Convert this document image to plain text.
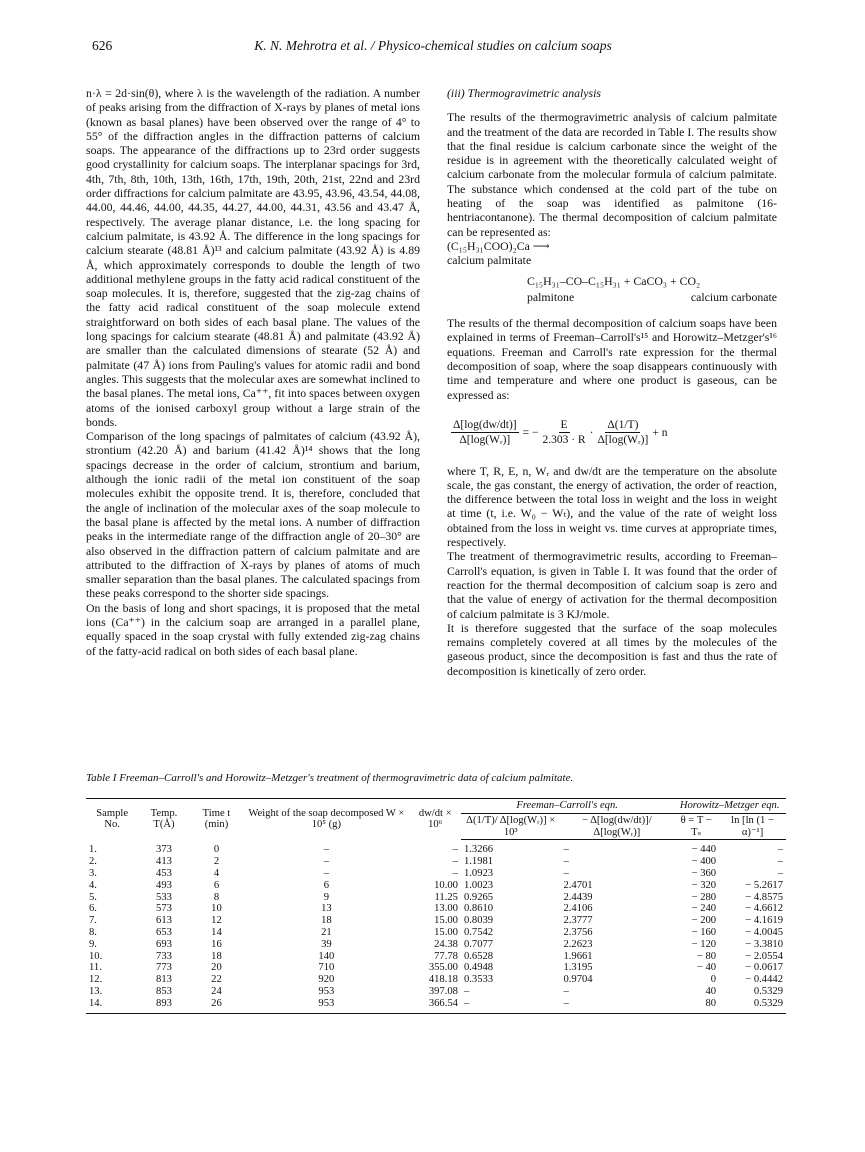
626	K. N. Mehrotra et al. / Physico-chemical studies on calcium soaps

n·λ = 2d·sin(θ), where λ is the wavelength of the radiation. A number of peaks arising from the diffraction of X-rays by planes of metal ions (known as basal planes) have been observed over the range of 4° to 55° of the diffraction angles in the diffraction patterns of calcium soaps. The appearance of the diffractions up to 23rd order suggests good crystallinity for calcium soaps. The interplanar spacings for 3rd, 4th, 7th, 8th, 10th, 13th, 16th, 17th, 19th, 20th, 21st, 22nd and 23rd order diffractions for calcium palmitate are 43.95, 43.96, 43.54, 44.08, 44.00, 44.46, 44.00, 44.35, 44.27, 44.00, 44.31, 43.56 and 43.47 Å, respectively. The average planar distance, i.e. the long spacing for calcium palmitate, is 43.92 Å. The difference in the long spacings for calcium stearate (48.81 Å)¹³ and calcium palmitate (43.92 Å) is 4.89 Å, which approximately corresponds to double the length of two additional methylene groups in the fatty acid radical constituent of the soap molecules. It is, therefore, suggested that the zig-zag chains of the fatty acid radical constituent of the soap molecule extend straightforward on both sides of each basal plane. The values of the long spacings for calcium stearate (48.81 Å) and palmitate (43.92 Å) are smaller than the calculated dimensions of stearate (52 Å) and palmitate (47 Å) ions from Pauling's values for atomic radii and bond angles. This suggests that the molecular axes are somewhat inclined to the basal planes. The metal ions, Ca⁺⁺, fit into spaces between oxygen atoms of the ionised carboxyl group without a large strain of the bonds.

Comparison of the long spacings of palmitates of calcium (43.92 Å), strontium (42.20 Å) and barium (41.42 Å)¹⁴ shows that the long spacings decrease in the order of calcium, strontium and barium, although the ionic radii of the metal ion constituent of the soap molecules exhibit the opposite trend. It is, therefore, concluded that the angle of inclination of the molecular axes of the soap molecule to the basal plane is affected by the metal ions. A number of diffraction peaks in the intermediate range of the diffraction angle of 20–30° are also observed in the diffraction pattern of calcium palmitate and are attributed to the diffraction of X-rays by planes of atoms of much smaller separation than the basal planes. The calculated spacings from these peaks correspond to the shorter side spacings.

On the basis of long and short spacings, it is proposed that the metal ions (Ca⁺⁺) in the calcium soap are arranged in a parallel plane, equally spaced in the soap crystal with fully extended zig-zag chains of the fatty-acid radical on both sides of each basal plane.

(iii) Thermogravimetric analysis

The results of the thermogravimetric analysis of calcium palmitate and the treatment of the data are recorded in Table I. The results show that the final residue is calcium carbonate since the weight of the residue is in agreement with the theoretically calculated weight of calcium carbonate from the molecular formula of calcium palmitate. The substance which condensed at the cold part of the tube on heating of the soap was identified as palmitone (16-hentriacontanone). The thermal decomposition of calcium palmitate can be represented as:

(C₁₅H₃₁COO)₂Ca ⟶

calcium palmitate

C₁₅H₃₁–CO–C₁₅H₃₁ + CaCO₃ + CO₂

palmitone	calcium carbonate

The results of the thermal decomposition of calcium soaps have been explained in terms of Freeman–Carroll's¹⁵ and Horowitz–Metzger's¹⁶ equations. Freeman and Carroll's rate expression for the thermal decomposition of soap, where the soap disappears continuously with time and temperature and where one product is gaseous, can be expressed as:

$\frac{\Delta[\log(dw/dt)]}{\text{Δ[log(Wᵣ)]}}$ = − $\frac{E}{2.303 \cdot R} \cdot \frac{\Delta(1/T)}{\text{Δ[log(Wᵣ)]}} + n$

where T, R, E, n, Wᵣ and dw/dt are the temperature on the absolute scale, the gas constant, the energy of activation, the order of reaction, the difference between the total loss in weight and the loss in weight at time (t, i.e. W₀ − Wₜ), and the value of the rate of weight loss obtained from the loss in weight vs. time curves at appropriate times, respectively.

The treatment of thermogravimetric results, according to Freeman–Carroll's equation, is given in Table I. It was found that the order of reaction for the thermal decomposition of calcium soap is zero and that the value of energy of activation for the thermal decomposition of calcium palmitate is 3 KJ/mole.

It is therefore suggested that the surface of the soap molecules remains completely covered at all times by the molecules of the gaseous product, since the decomposition is fast and thus the rate of decomposition is kinetically of zero order.

Table I Freeman–Carroll's and Horowitz–Metzger's treatment of thermogravimetric data of calcium palmitate.
Sample No.	Temp. T(Å)	Time t (min)	Weight of the soap decomposed W × 10⁵ (g)	dw/dt × 10⁶	Freeman–Carroll's eqn.		Horowitz–Metzger eqn.	
					Δ(1/T)/ Δ[log(Wᵣ)] × 10³	− Δ[log(dw/dt)]/ Δ[log(Wᵣ)]	θ = T − Tₛ	ln [ln (1 − α)⁻¹]
1.	373	0	–	–	1.3266	–	− 440	–
2.	413	2	–	–	1.1981	–	− 400	–
3.	453	4	–	–	1.0923	–	− 360	–
4.	493	6	6	10.00	1.0023	2.4701	− 320	− 5.2617
5.	533	8	9	11.25	0.9265	2.4439	− 280	− 4.8575
6.	573	10	13	13.00	0.8610	2.4106	− 240	− 4.6612
7.	613	12	18	15.00	0.8039	2.3777	− 200	− 4.1619
8.	653	14	21	15.00	0.7542	2.3756	− 160	− 4.0045
9.	693	16	39	24.38	0.7077	2.2623	− 120	− 3.3810
10.	733	18	140	77.78	0.6528	1.9661	− 80	− 2.0554
11.	773	20	710	355.00	0.4948	1.3195	− 40	− 0.0617
12.	813	22	920	418.18	0.3533	0.9704	0	− 0.4442
13.	853	24	953	397.08	–	–	40	0.5329
14.	893	26	953	366.54	–	–	80	0.5329
